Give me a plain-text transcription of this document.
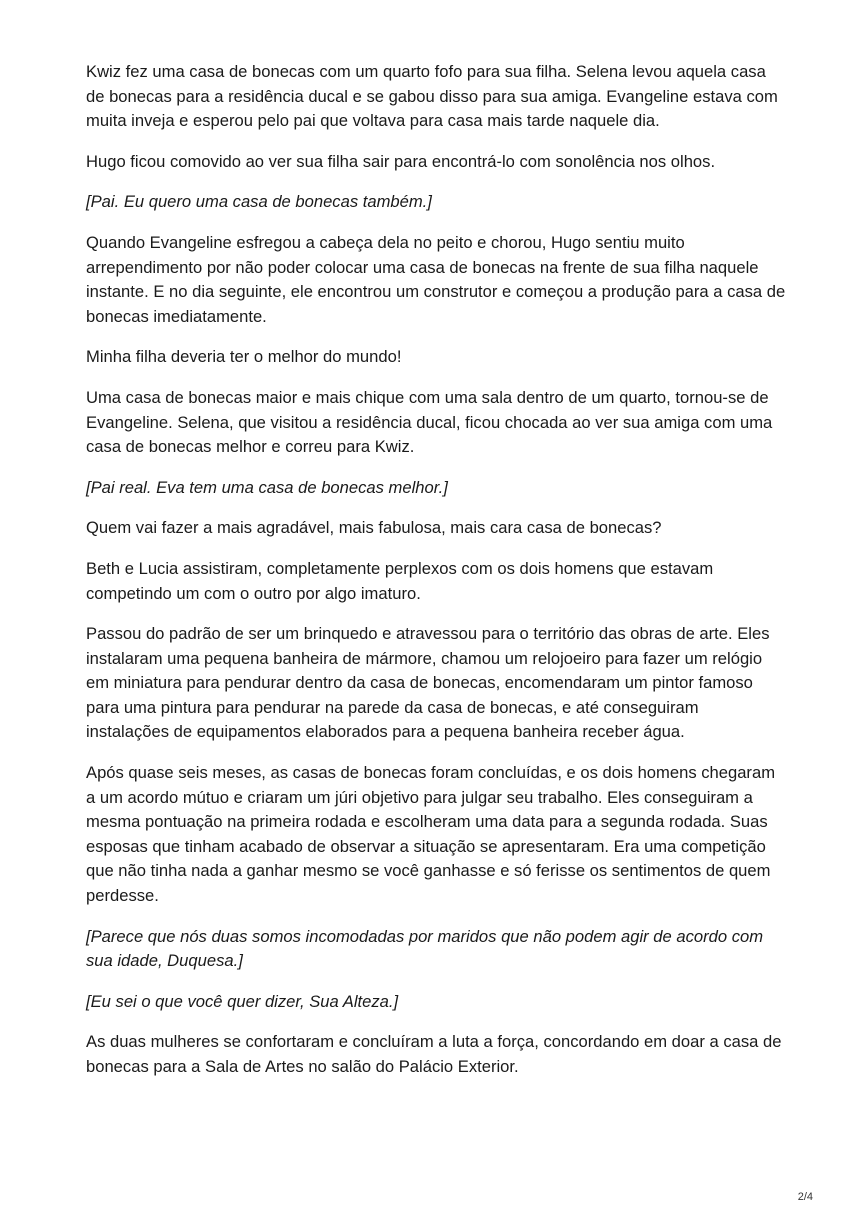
Kwiz fez uma casa de bonecas com um quarto fofo para sua filha. Selena levou aquela casa de bonecas para a residência ducal e se gabou disso para sua amiga. Evangeline estava com muita inveja e esperou pelo pai que voltava para casa mais tarde naquele dia.

Hugo ficou comovido ao ver sua filha sair para encontrá-lo com sonolência nos olhos.

[Pai. Eu quero uma casa de bonecas também.]

Quando Evangeline esfregou a cabeça dela no peito e chorou, Hugo sentiu muito arrependimento por não poder colocar uma casa de bonecas na frente de sua filha naquele instante. E no dia seguinte, ele encontrou um construtor e começou a produção para a casa de bonecas imediatamente.

Minha filha deveria ter o melhor do mundo!

Uma casa de bonecas maior e mais chique com uma sala dentro de um quarto, tornou-se de Evangeline. Selena, que visitou a residência ducal, ficou chocada ao ver sua amiga com uma casa de bonecas melhor e correu para Kwiz.

[Pai real. Eva tem uma casa de bonecas melhor.]

Quem vai fazer a mais agradável, mais fabulosa, mais cara casa de bonecas?

Beth e Lucia assistiram, completamente perplexos com os dois homens que estavam competindo um com o outro por algo imaturo.

Passou do padrão de ser um brinquedo e atravessou para o território das obras de arte. Eles instalaram uma pequena banheira de mármore, chamou um relojoeiro para fazer um relógio em miniatura para pendurar dentro da casa de bonecas, encomendaram um pintor famoso para uma pintura para pendurar na parede da casa de bonecas, e até conseguiram instalações de equipamentos elaborados para a pequena banheira receber água.

Após quase seis meses, as casas de bonecas foram concluídas, e os dois homens chegaram a um acordo mútuo e criaram um júri objetivo para julgar seu trabalho. Eles conseguiram a mesma pontuação na primeira rodada e escolheram uma data para a segunda rodada. Suas esposas que tinham acabado de observar a situação se apresentaram. Era uma competição que não tinha nada a ganhar mesmo se você ganhasse e só ferisse os sentimentos de quem perdesse.

[Parece que nós duas somos incomodadas por maridos que não podem agir de acordo com sua idade, Duquesa.]

[Eu sei o que você quer dizer, Sua Alteza.]

As duas mulheres se confortaram e concluíram a luta a força, concordando em doar a casa de bonecas para a Sala de Artes no salão do Palácio Exterior.

2/4
